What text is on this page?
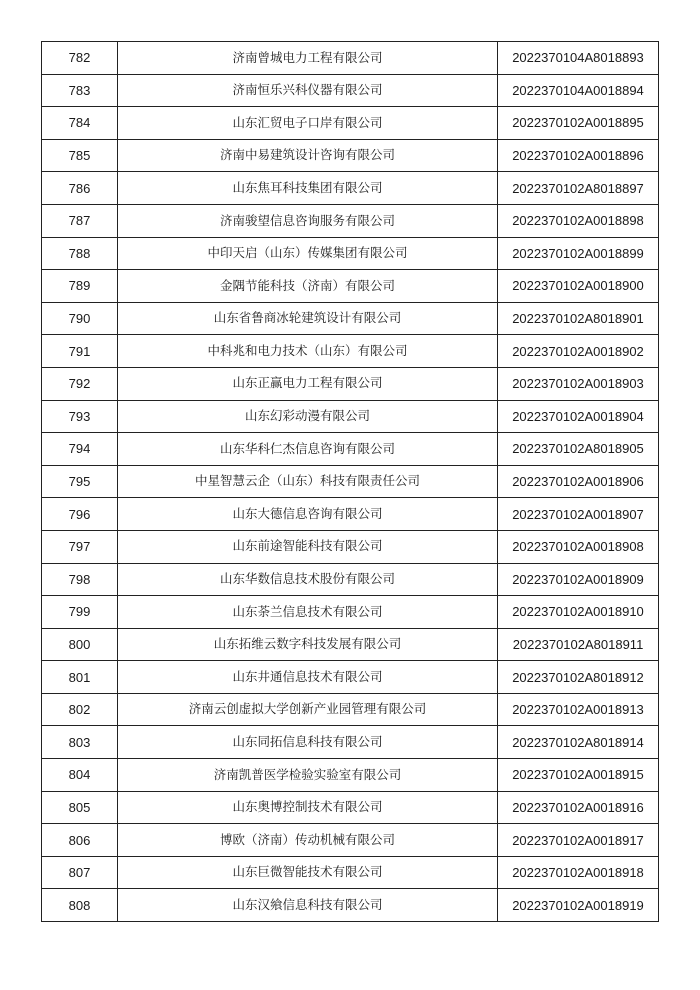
782	济南曾城电力工程有限公司	2022370104A8018893
783	济南恒乐兴科仪器有限公司	2022370104A0018894
784	山东汇贸电子口岸有限公司	2022370102A0018895
785	济南中易建筑设计咨询有限公司	2022370102A0018896
786	山东焦耳科技集团有限公司	2022370102A8018897
787	济南骏望信息咨询服务有限公司	2022370102A0018898
788	中印天启（山东）传媒集团有限公司	2022370102A0018899
789	金隅节能科技（济南）有限公司	2022370102A0018900
790	山东省鲁商冰轮建筑设计有限公司	2022370102A8018901
791	中科兆和电力技术（山东）有限公司	2022370102A0018902
792	山东正赢电力工程有限公司	2022370102A0018903
793	山东幻彩动漫有限公司	2022370102A0018904
794	山东华科仁杰信息咨询有限公司	2022370102A8018905
795	中星智慧云企（山东）科技有限责任公司	2022370102A0018906
796	山东大德信息咨询有限公司	2022370102A0018907
797	山东前途智能科技有限公司	2022370102A0018908
798	山东华数信息技术股份有限公司	2022370102A0018909
799	山东荼兰信息技术有限公司	2022370102A0018910
800	山东拓维云数字科技发展有限公司	2022370102A8018911
801	山东井通信息技术有限公司	2022370102A8018912
802	济南云创虚拟大学创新产业园管理有限公司	2022370102A0018913
803	山东同拓信息科技有限公司	2022370102A8018914
804	济南凯普医学检验实验室有限公司	2022370102A0018915
805	山东奥博控制技术有限公司	2022370102A0018916
806	博欧（济南）传动机械有限公司	2022370102A0018917
807	山东巨微智能技术有限公司	2022370102A0018918
808	山东汉飨信息科技有限公司	2022370102A0018919
